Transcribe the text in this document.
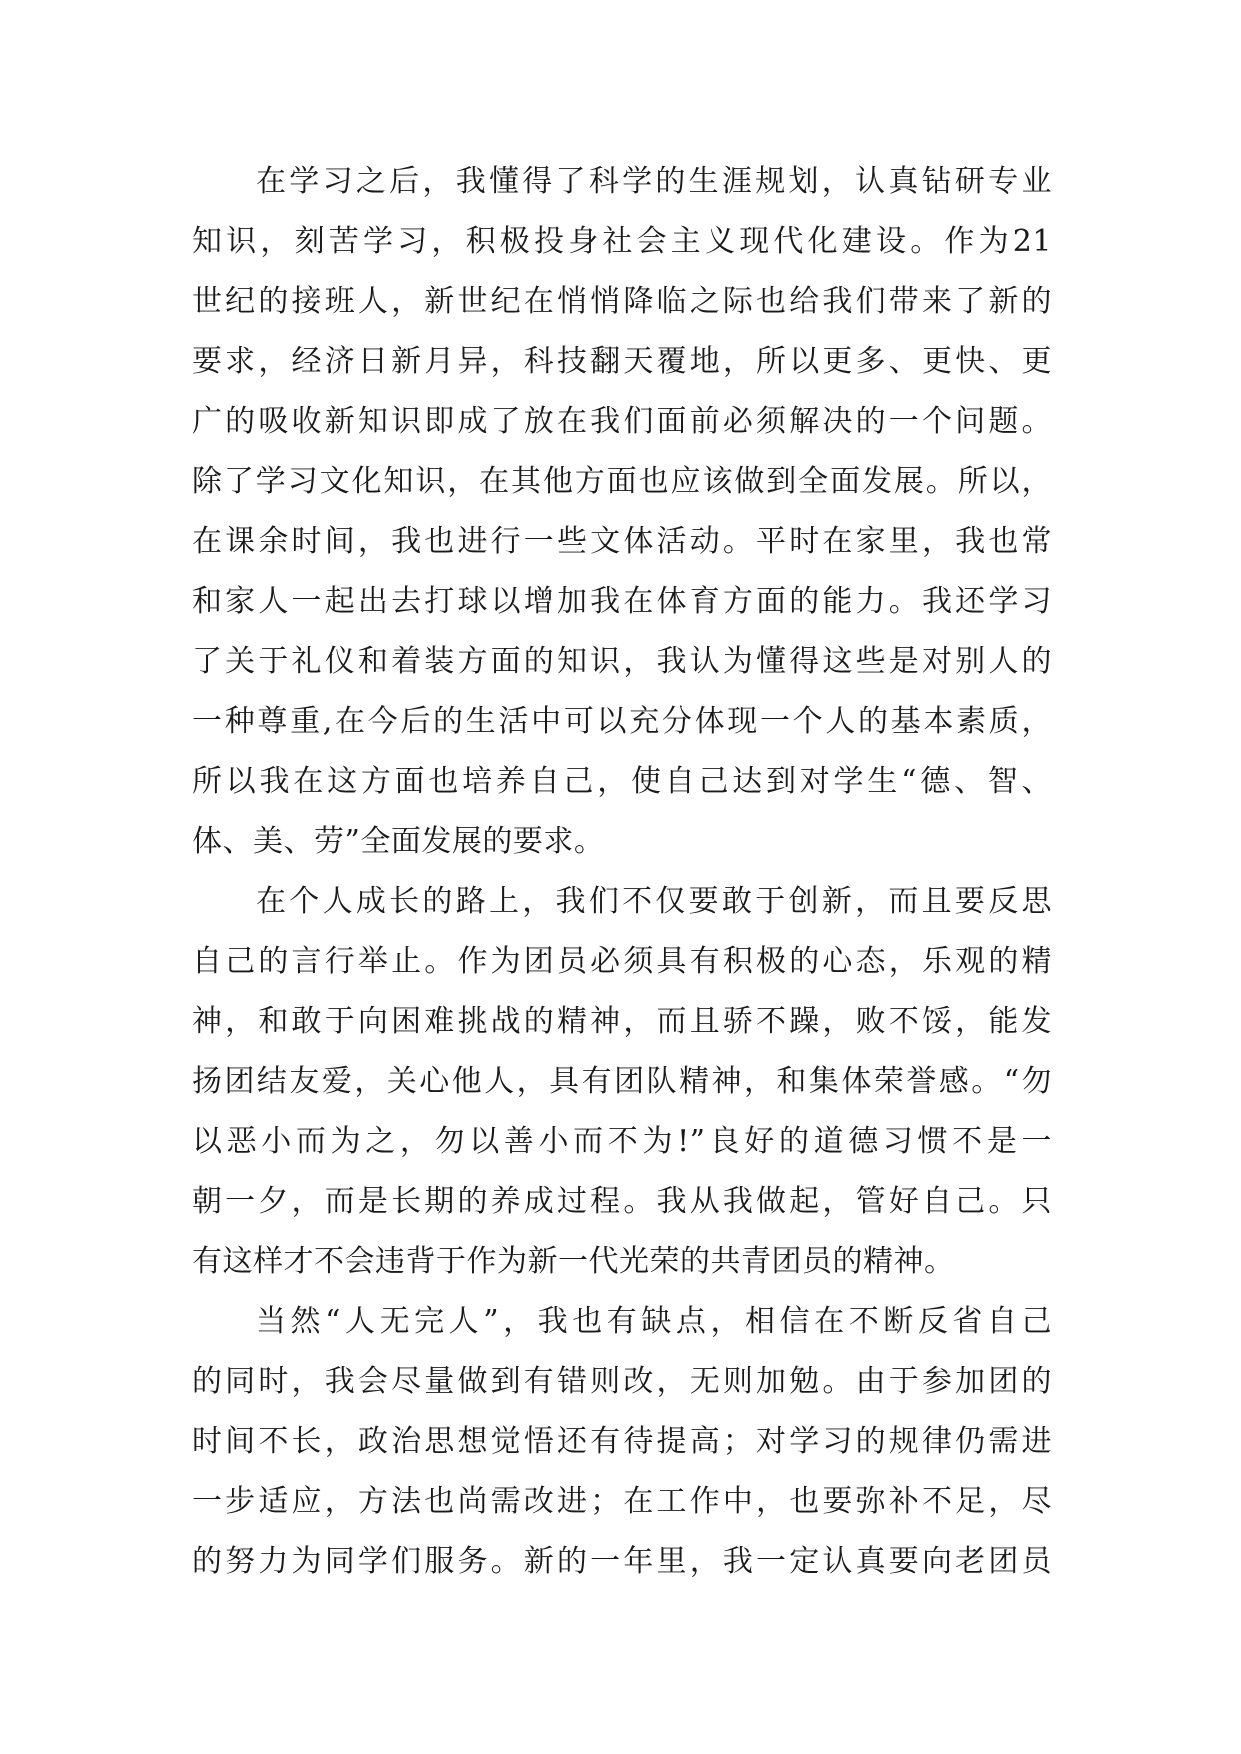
在学习之后，我懂得了科学的生涯规划，认真钻研专业
知识，刻苦学习，积极投身社会主义现代化建设。作为21
世纪的接班人，新世纪在悄悄降临之际也给我们带来了新的
要求，经济日新月异，科技翻天覆地，所以更多、更快、更
广的吸收新知识即成了放在我们面前必须解决的一个问题。
除了学习文化知识，在其他方面也应该做到全面发展。所以，
在课余时间，我也进行一些文体活动。平时在家里，我也常
和家人一起出去打球以增加我在体育方面的能力。我还学习
了关于礼仪和着装方面的知识，我认为懂得这些是对别人的
一种尊重,在今后的生活中可以充分体现一个人的基本素质，
所以我在这方面也培养自己，使自己达到对学生“德、智、
体、美、劳”全面发展的要求。
在个人成长的路上，我们不仅要敢于创新，而且要反思
自己的言行举止。作为团员必须具有积极的心态，乐观的精
神，和敢于向困难挑战的精神，而且骄不躁，败不馁，能发
扬团结友爱，关心他人，具有团队精神，和集体荣誉感。“勿
以恶小而为之，勿以善小而不为!”良好的道德习惯不是一
朝一夕，而是长期的养成过程。我从我做起，管好自己。只
有这样才不会违背于作为新一代光荣的共青团员的精神。
当然“人无完人”，我也有缺点，相信在不断反省自己
的同时，我会尽量做到有错则改，无则加勉。由于参加团的
时间不长，政治思想觉悟还有待提高；对学习的规律仍需进
一步适应，方法也尚需改进；在工作中，也要弥补不足，尽
的努力为同学们服务。新的一年里，我一定认真要向老团员
